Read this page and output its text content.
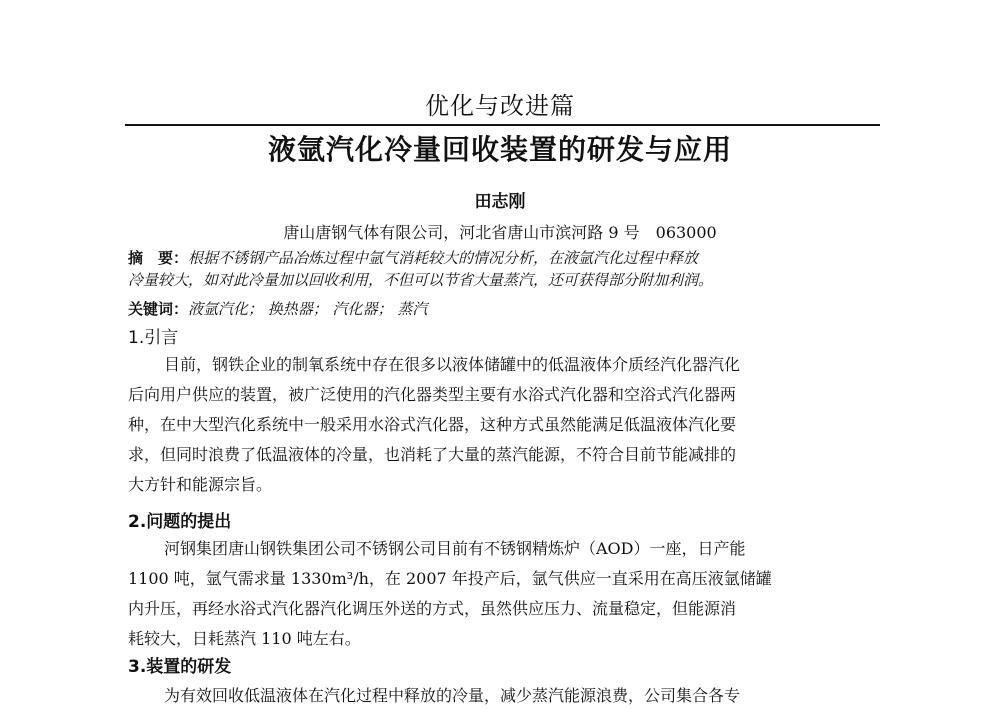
优化与改进篇
液氩汽化冷量回收装置的研发与应用
田志刚
唐山唐钢气体有限公司，河北省唐山市滨河路 9 号　063000
摘　要：根据不锈钢产品冶炼过程中氩气消耗较大的情况分析，在液氩汽化过程中释放
冷量较大，如对此冷量加以回收利用，不但可以节省大量蒸汽，还可获得部分附加利润。
关键词：液氩汽化； 换热器； 汽化器； 蒸汽
1.引言
目前，钢铁企业的制氧系统中存在很多以液体储罐中的低温液体介质经汽化器汽化
后向用户供应的装置，被广泛使用的汽化器类型主要有水浴式汽化器和空浴式汽化器两
种，在中大型汽化系统中一般采用水浴式汽化器，这种方式虽然能满足低温液体汽化要
求，但同时浪费了低温液体的冷量，也消耗了大量的蒸汽能源，不符合目前节能减排的
大方针和能源宗旨。
2.问题的提出
河钢集团唐山钢铁集团公司不锈钢公司目前有不锈钢精炼炉（AOD）一座，日产能
1100 吨，氩气需求量 1330m³/h，在 2007 年投产后，氩气供应一直采用在高压液氩储罐
内升压，再经水浴式汽化器汽化调压外送的方式，虽然供应压力、流量稳定，但能源消
耗较大，日耗蒸汽 110 吨左右。
3.装置的研发
为有效回收低温液体在汽化过程中释放的冷量，减少蒸汽能源浪费，公司集合各专
